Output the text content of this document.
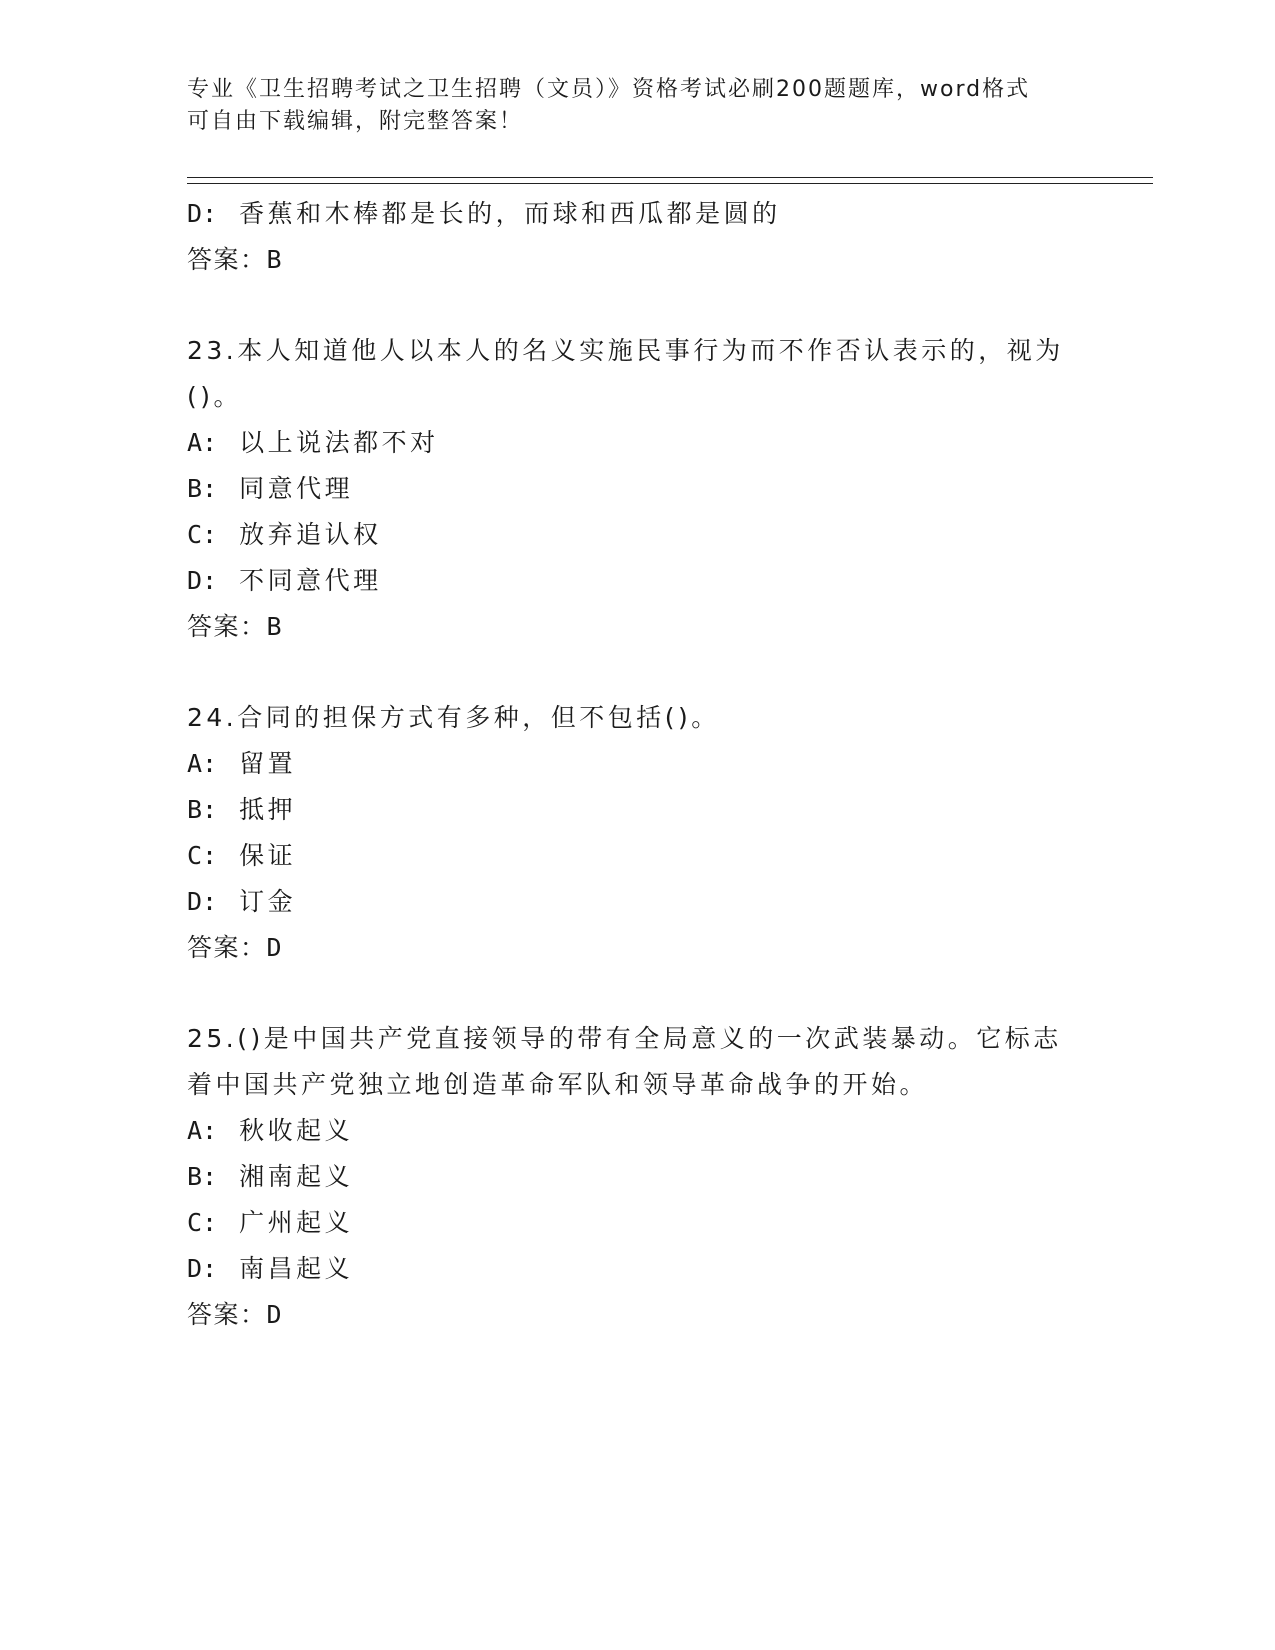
专业《卫生招聘考试之卫生招聘（文员）》资格考试必刷200题题库，word格式
可自由下载编辑，附完整答案！
D: 香蕉和木棒都是长的，而球和西瓜都是圆的
答案：B
23.本人知道他人以本人的名义实施民事行为而不作否认表示的，视为
()。
A: 以上说法都不对
B: 同意代理
C: 放弃追认权
D: 不同意代理
答案：B
24.合同的担保方式有多种，但不包括()。
A: 留置
B: 抵押
C: 保证
D: 订金
答案：D
25.()是中国共产党直接领导的带有全局意义的一次武装暴动。它标志
着中国共产党独立地创造革命军队和领导革命战争的开始。
A: 秋收起义
B: 湘南起义
C: 广州起义
D: 南昌起义
答案：D
